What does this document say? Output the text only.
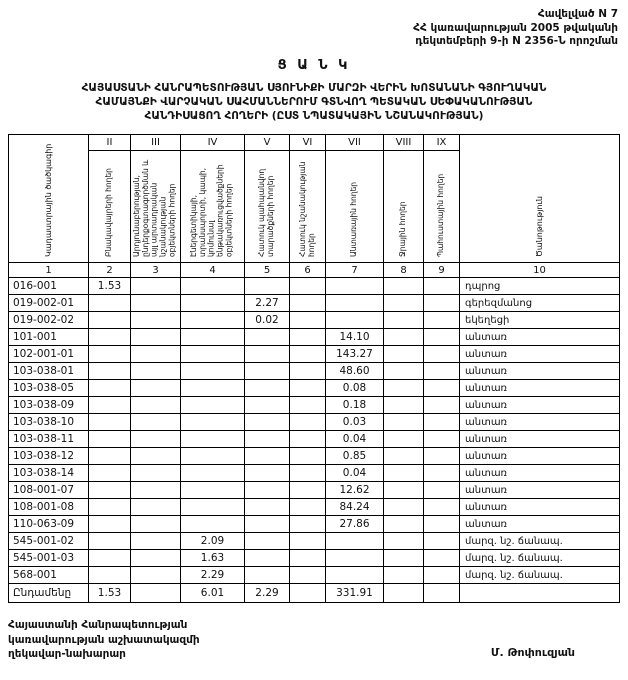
Հավելված N 7
ՀՀ կառավարության 2005 թվականի
դեկտեմբերի 9-ի N 2356-Ն որոշման
Ց Ա Ն Կ
ՀԱՅԱՍՏԱՆԻ ՀԱՆՐԱՊԵՏՈՒԹՅԱՆ ՍՅՈՒՆԻՔԻ ՄԱՐԶԻ ՎԵՐԻՆ ԽՈՏԱՆԱՆԻ ԳՅՈՒՂԱԿԱՆ
ՀԱՄԱՅՆՔԻ ՎԱՐՉԱԿԱՆ ՍԱՀՄԱՆՆԵՐՈՒՄ ԳՏՆՎՈՂ ՊԵՏԱԿԱՆ ՍԵՓԱԿԱՆՈՒԹՅԱՆ
ՀԱՆԴԻՍԱՑՈՂ ՀՈՂԵՐԻ (ԸՍՏ ՆՊԱՏԱԿԱՅԻՆ ՆՇԱՆԱԿՈՒԹՅԱՆ)
Կադաստրային ծածկագիր	II	III	IV	V	VI	VII	VIII	IX	Ծանոթություն
	Բնակավայրերի հողեր	Արդյունաբերության, ընդերքօգտագործման և այլ արտադրական նշանակության օբյեկտների հողեր	Էներգետիկայի, տրանսպորտի, կապի, կոմունալ ենթակառուցվածքների օբյեկտների հողեր	Հատուկ պահպանվող տարածքների հողեր	Հատուկ նշանակության հողեր	Անտառային հողեր	Ջրային հողեր	Պահուստային հողեր	
1	2	3	4	5	6	7	8	9	10
016-001	1.53								դպրոց
019-002-01				2.27					գերեզմանոց
019-002-02				0.02					եկեղեցի
101-001						14.10			անտառ
102-001-01						143.27			անտառ
103-038-01						48.60			անտառ
103-038-05						0.08			անտառ
103-038-09						0.18			անտառ
103-038-10						0.03			անտառ
103-038-11						0.04			անտառ
103-038-12						0.85			անտառ
103-038-14						0.04			անտառ
108-001-07						12.62			անտառ
108-001-08						84.24			անտառ
110-063-09						27.86			անտառ
545-001-02			2.09						մարզ. նշ. ճանապ.
545-001-03			1.63						մարզ. նշ. ճանապ.
568-001			2.29						մարզ. նշ. ճանապ.
Ընդամենը	1.53		6.01	2.29		331.91			
Հայաստանի Հանրապետության
կառավարության աշխատակազմի
ղեկավար-նախարար	Մ. Թոփուզյան
